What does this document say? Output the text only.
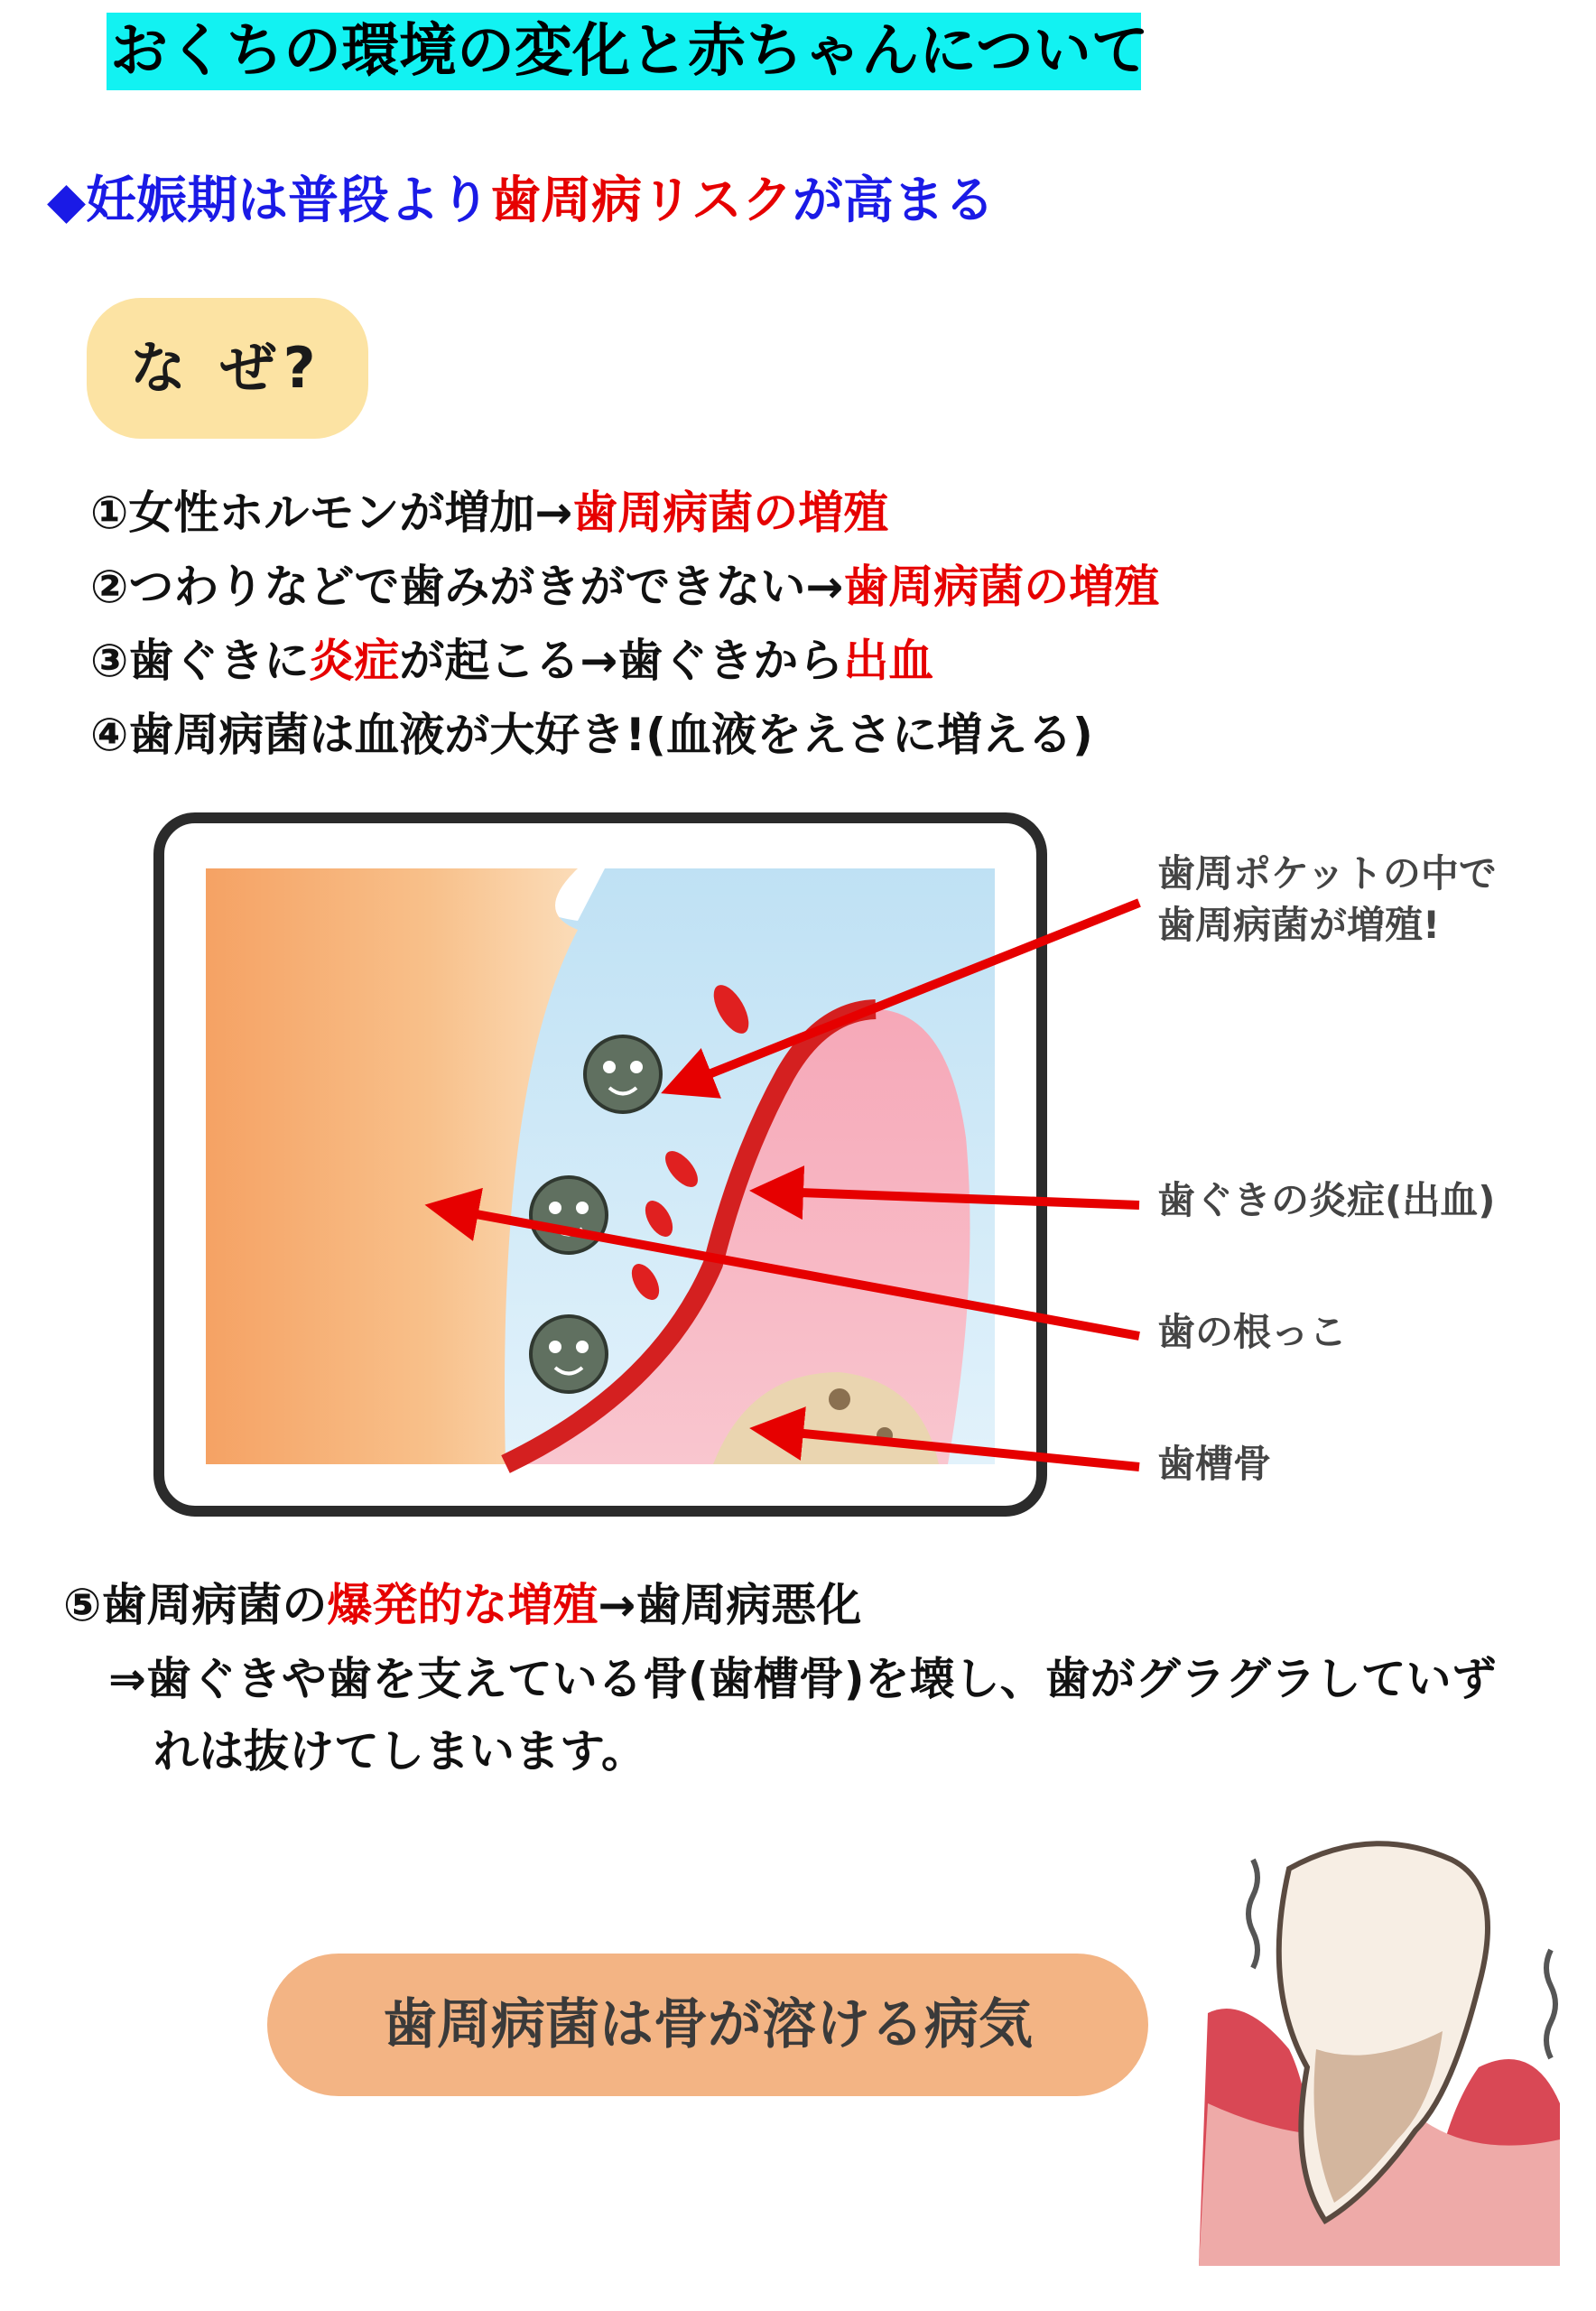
おくちの環境の変化と赤ちゃんについて
◆妊娠期は普段より歯周病リスクが高まる
な ぜ?
①女性ホルモンが増加→歯周病菌の増殖
②つわりなどで歯みがきができない→歯周病菌の増殖
③歯ぐきに炎症が起こる→歯ぐきから出血
④歯周病菌は血液が大好き!(血液をえさに増える)
歯周ポケットの中で
歯周病菌が増殖!
歯ぐきの炎症(出血)
歯の根っこ
歯槽骨
⑤歯周病菌の爆発的な増殖→歯周病悪化
⇒歯ぐきや歯を支えている骨(歯槽骨)を壊し、歯がグラグラしていず
れは抜けてしまいます。
歯周病菌は骨が溶ける病気
